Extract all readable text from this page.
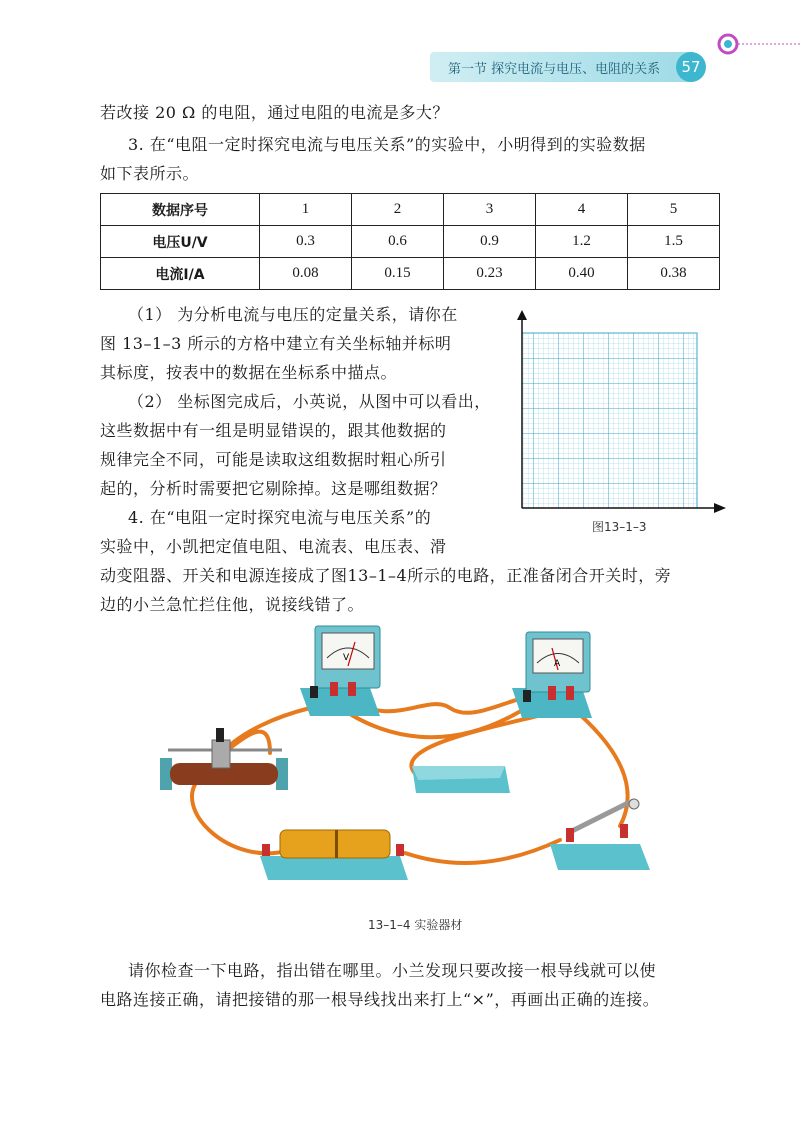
第一节 探究电流与电压、电阻的关系	57
若改接 20 Ω 的电阻，通过电阻的电流是多大？
3. 在“电阻一定时探究电流与电压关系”的实验中，小明得到的实验数据
如下表所示。
数据序号	1	2	3	4	5
电压U/V	0.3	0.6	0.9	1.2	1.5
电流I/A	0.08	0.15	0.23	0.40	0.38
（1） 为分析电流与电压的定量关系，请你在
图 13–1–3 所示的方格中建立有关坐标轴并标明
其标度，按表中的数据在坐标系中描点。
（2） 坐标图完成后，小英说，从图中可以看出，
这些数据中有一组是明显错误的，跟其他数据的
规律完全不同，可能是读取这组数据时粗心所引
起的，分析时需要把它剔除掉。这是哪组数据？
4. 在“电阻一定时探究电流与电压关系”的
实验中，小凯把定值电阻、电流表、电压表、滑
动变阻器、开关和电源连接成了图13–1–4所示的电路，正准备闭合开关时，旁
边的小兰急忙拦住他，说接线错了。
图13–1–3
V
A
13–1–4 实验器材
请你检查一下电路，指出错在哪里。小兰发现只要改接一根导线就可以使
电路连接正确，请把接错的那一根导线找出来打上“×”，再画出正确的连接。
